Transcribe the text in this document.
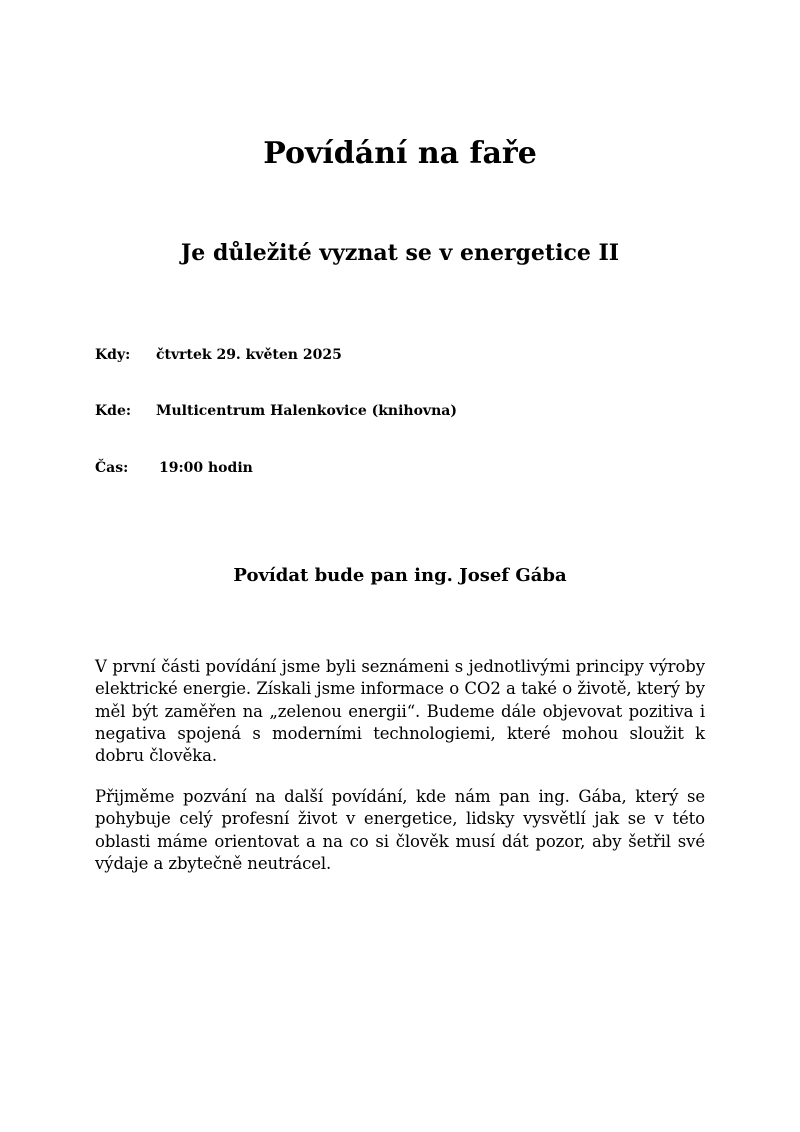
Povídání na faře
Je důležité vyznat se v energetice II
Kdy: čtvrtek 29. květen 2025
Kde: Multicentrum Halenkovice (knihovna)
Čas: 19:00 hodin
Povídat bude pan ing. Josef Gába

V první části povídání jsme byli seznámeni s jednotlivými principy výroby elektrické energie. Získali jsme informace o CO2 a také o životě, který by měl být zaměřen na „zelenou energii“. Budeme dále objevovat pozitiva i negativa spojená s moderními technologiemi, které mohou sloužit k dobru člověka.

Přijměme pozvání na další povídání, kde nám pan ing. Gába, který se pohybuje celý profesní život v energetice, lidsky vysvětlí jak se v této oblasti máme orientovat a na co si člověk musí dát pozor, aby šetřil své výdaje a zbytečně neutrácel.
